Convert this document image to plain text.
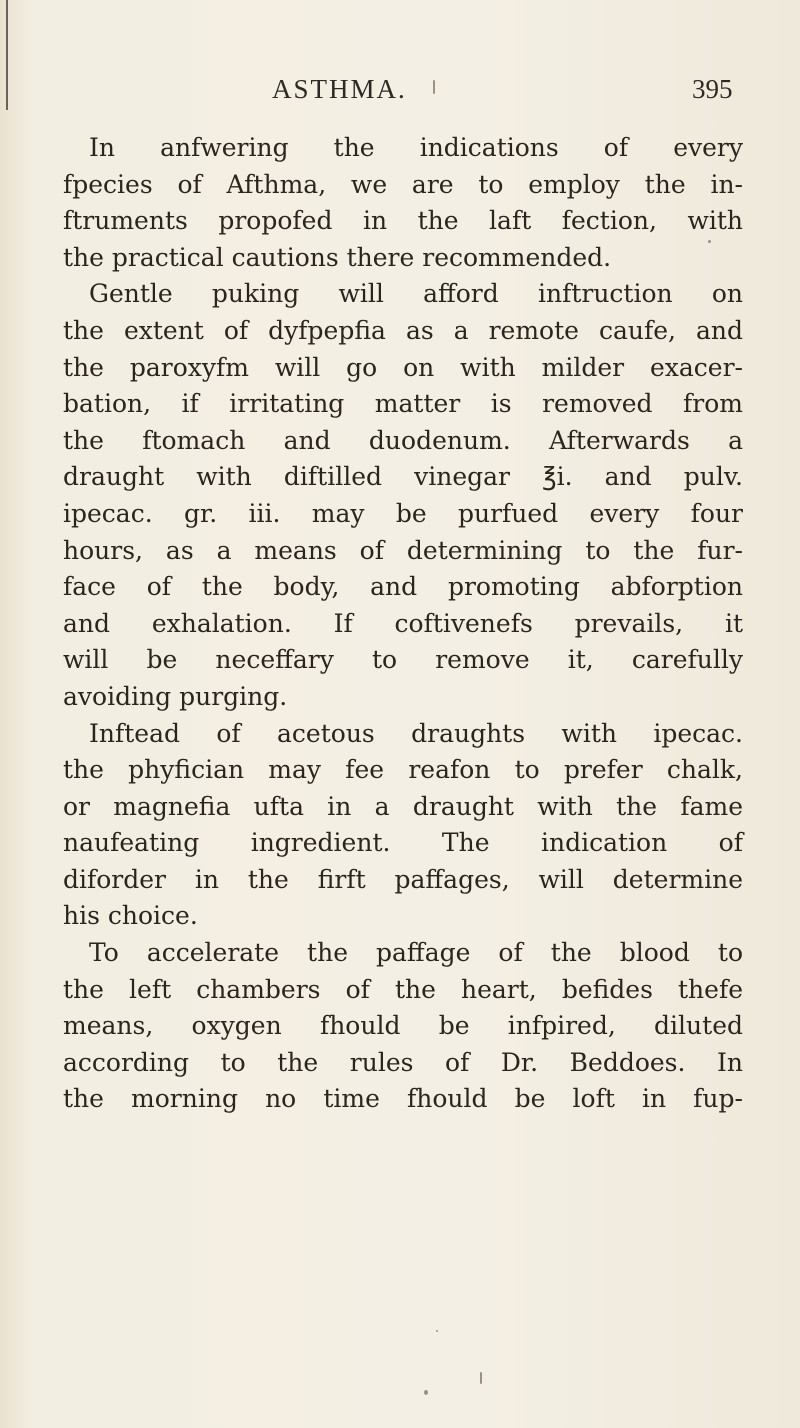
ASTHMA.	395
In anfwering the indications of every
fpecies of Afthma, we are to employ the in-
ftruments propofed in the laft fection, with
the practical cautions there recommended.
Gentle puking will afford inftruction on
the extent of dyfpepfia as a remote caufe, and
the paroxyfm will go on with milder exacer-
bation, if irritating matter is removed from
the ftomach and duodenum. Afterwards a
draught with diftilled vinegar ℥i. and pulv.
ipecac. gr. iii. may be purfued every four
hours, as a means of determining to the fur-
face of the body, and promoting abforption
and exhalation. If coftivenefs prevails, it
will be neceffary to remove it, carefully
avoiding purging.
Inftead of acetous draughts with ipecac.
the phyfician may fee reafon to prefer chalk,
or magnefia ufta in a draught with the fame
naufeating ingredient. The indication of
diforder in the firft paffages, will determine
his choice.
To accelerate the paffage of the blood to
the left chambers of the heart, befides thefe
means, oxygen fhould be infpired, diluted
according to the rules of Dr. Beddoes. In
the morning no time fhould be loft in fup-
